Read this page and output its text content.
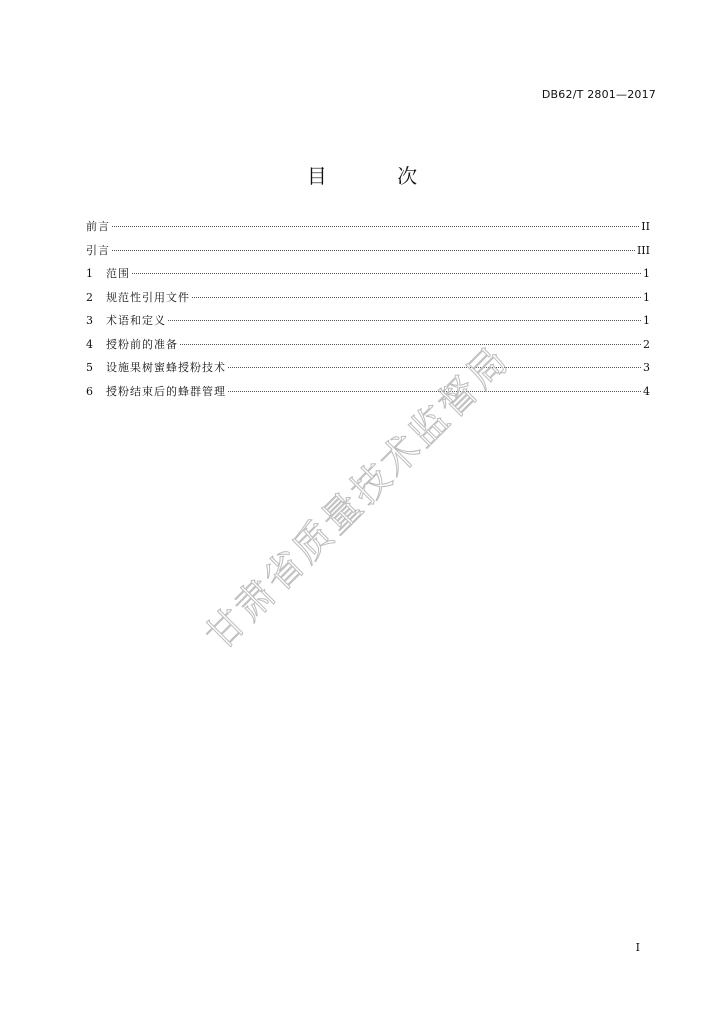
DB62/T 2801—2017
目 次
前言	II
引言	III
1	范围	1
2	规范性引用文件	1
3	术语和定义	1
4	授粉前的准备	2
5	设施果树蜜蜂授粉技术	3
6	授粉结束后的蜂群管理	4
甘肃省质量技术监督局
I
